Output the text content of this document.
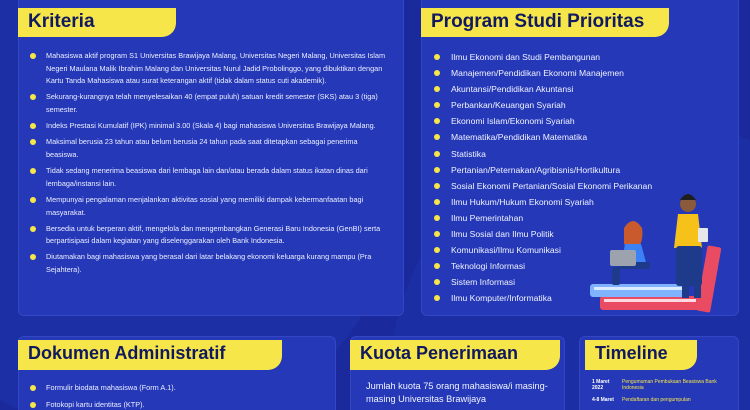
Kriteria
Mahasiswa aktif program S1 Universitas Brawijaya Malang, Universitas Negeri Malang, Universitas Islam Negeri Maulana Malik Ibrahim Malang dan Universitas Nurul Jadid Probolinggo, yang dibuktikan dengan Kartu Tanda Mahasiswa atau surat keterangan aktif (tidak dalam status cuti akademik).
Sekurang-kurangnya telah menyelesaikan 40 (empat puluh) satuan kredit semester (SKS) atau 3 (tiga) semester.
Indeks Prestasi Kumulatif (IPK) minimal 3.00 (Skala 4) bagi mahasiswa Universitas Brawijaya Malang.
Maksimal berusia 23 tahun atau belum berusia 24 tahun pada saat ditetapkan sebagai penerima beasiswa.
Tidak sedang menerima beasiswa dari lembaga lain dan/atau berada dalam status ikatan dinas dari lembaga/instansi lain.
Mempunyai pengalaman menjalankan aktivitas sosial yang memiliki dampak kebermanfaatan bagi masyarakat.
Bersedia untuk berperan aktif, mengelola dan mengembangkan Generasi Baru Indonesia (GenBI) serta berpartisipasi dalam kegiatan yang diselenggarakan oleh Bank Indonesia.
Diutamakan bagi mahasiswa yang berasal dari latar belakang ekonomi keluarga kurang mampu (Pra Sejahtera).
Program Studi Prioritas
Ilmu Ekonomi dan Studi Pembangunan
Manajemen/Pendidikan Ekonomi Manajemen
Akuntansi/Pendidikan Akuntansi
Perbankan/Keuangan Syariah
Ekonomi Islam/Ekonomi Syariah
Matematika/Pendidikan Matematika
Statistika
Pertanian/Peternakan/Agribisnis/Hortikultura
Sosial Ekonomi Pertanian/Sosial Ekonomi Perikanan
Ilmu Hukum/Hukum Ekonomi Syariah
Ilmu Pemerintahan
Ilmu Sosial dan Ilmu Politik
Komunikasi/Ilmu Komunikasi
Teknologi Informasi
Sistem Informasi
Ilmu Komputer/Informatika
Dokumen Administratif
Formulir biodata mahasiswa (Form A.1).
Fotokopi kartu identitas (KTP).
Kuota Penerimaan
Jumlah kuota 75 orang mahasiswa/i masing-masing Universitas Brawijaya
Timeline
1 Maret 2022
Pengumuman Pembukaan Beasiswa Bank Indonesia
4-8 Maret	Pendaftaran dan pengumpulan
